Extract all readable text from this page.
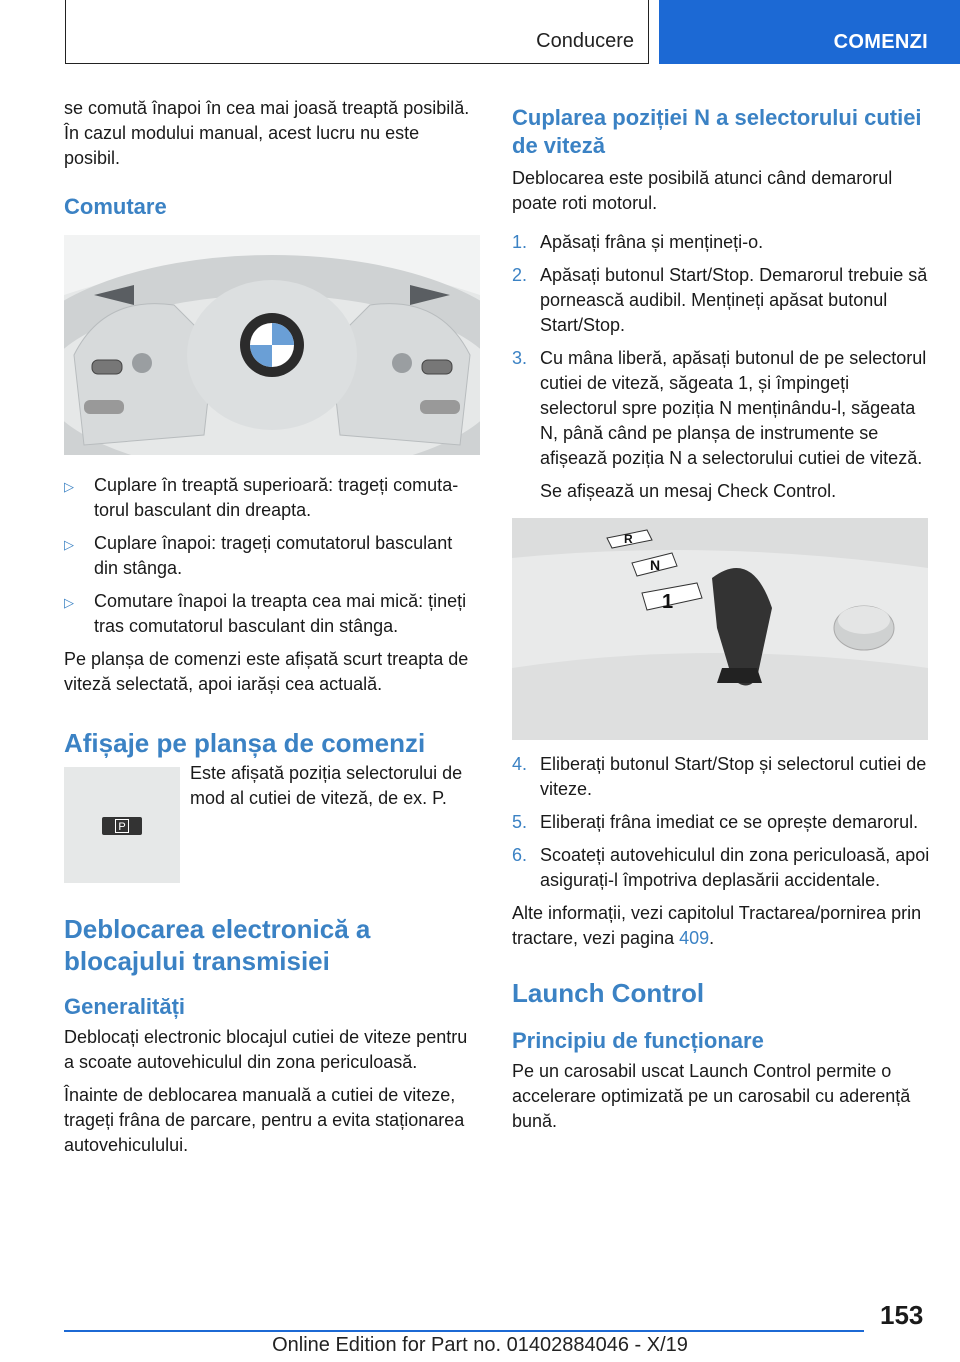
Conducere	COMENZI

se comută înapoi în cea mai joasă treaptă posibilă. În cazul modului manual, acest lucru nu este posibil.

Comutare
▷	Cuplare în treaptă superioară: trageți comutatorul basculant din dreapta.
▷	Cuplare înapoi: trageți comutatorul basculant din stânga.
▷	Comutare înapoi la treapta cea mai mică: țineți tras comutatorul basculant din stânga.

Pe planșa de comenzi este afișată scurt treapta de viteză selectată, apoi iarăși cea actuală.

Afișaje pe planșa de comenzi
P

Este afișată poziția selectorului de mod al cutiei de viteză, de ex. P.

Deblocarea electronică a blocajului transmisiei
Generalități

Deblocați electronic blocajul cutiei de viteze pentru a scoate autovehiculul din zona periculoasă.

Înainte de deblocarea manuală a cutiei de viteze, trageți frâna de parcare, pentru a evita staționarea autovehiculului.

Cuplarea poziției N a selectorului cutiei de viteză

Deblocarea este posibilă atunci când demarorul poate roti motorul.

1. Apăsați frâna și mențineți-o.
2. Apăsați butonul Start/Stop. Demarorul trebuie să pornească audibil. Mențineți apăsat butonul Start/Stop.
3. Cu mâna liberă, apăsați butonul de pe selectorul cutiei de viteză, săgeata 1, și împingeți selectorul spre poziția N menținându-l, săgeata N, până când pe planșa de instrumente se afișează poziția N a selectorului cutiei de viteză.

Se afișează un mesaj Check Control.

R
N
1
4. Eliberați butonul Start/Stop și selectorul cutiei de viteze.
5. Eliberați frâna imediat ce se oprește demarorul.
6. Scoateți autovehiculul din zona periculoasă, apoi asigurați-l împotriva deplasării accidentale.

Alte informații, vezi capitolul Tractarea/pornirea prin tractare, vezi pagina 409.

Launch Control
Principiu de funcționare

Pe un carosabil uscat Launch Control permite o accelerare optimizată pe un carosabil cu aderență bună.

153
Online Edition for Part no. 01402884046 - X/19
